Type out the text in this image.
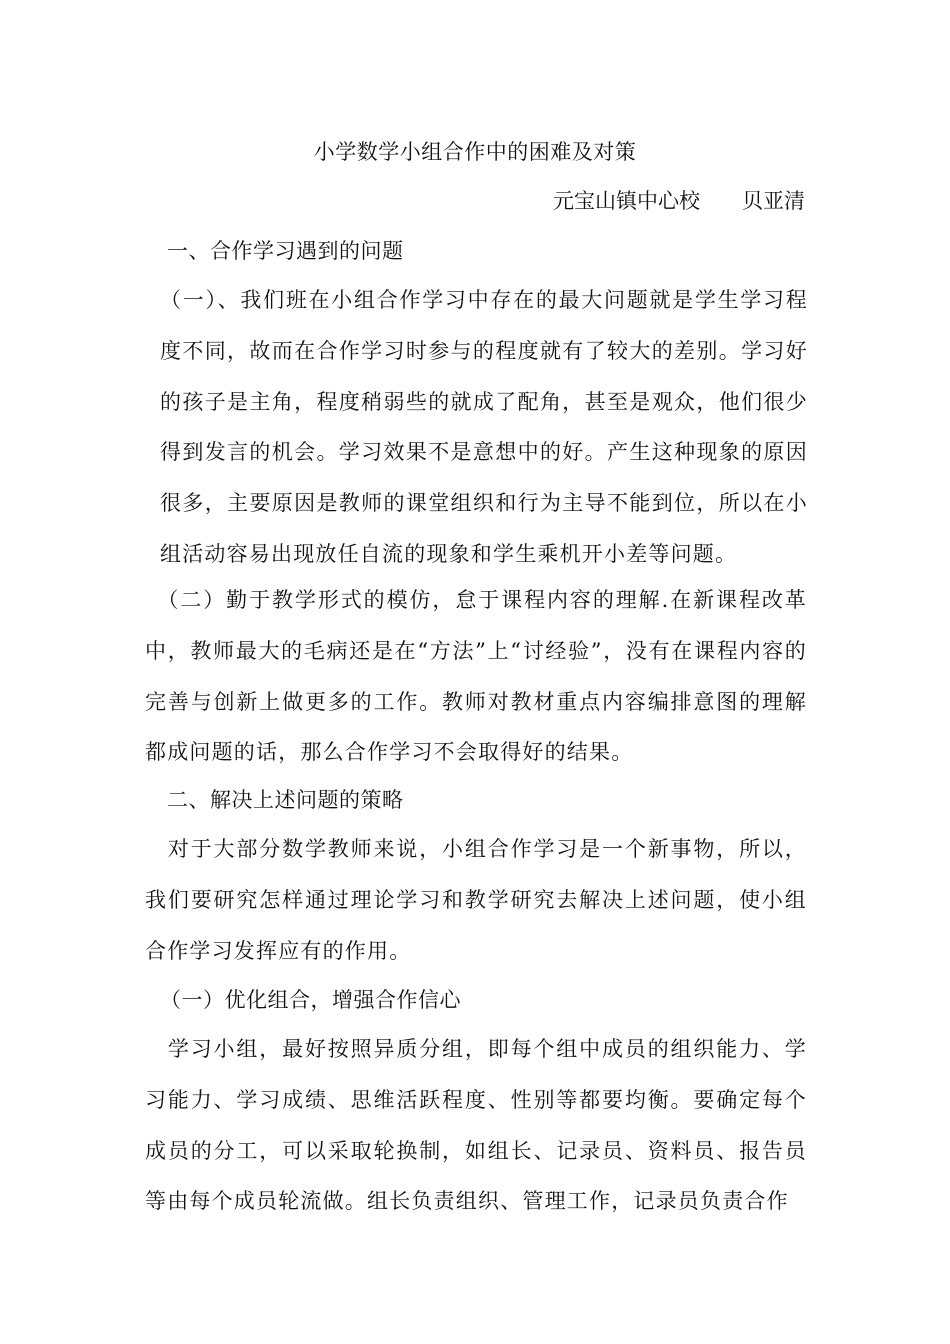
小学数学小组合作中的困难及对策
元宝山镇中心校　　贝亚清
一、合作学习遇到的问题
（一）、我们班在小组合作学习中存在的最大问题就是学生学习程度不同，故而在合作学习时参与的程度就有了较大的差别。学习好的孩子是主角，程度稍弱些的就成了配角，甚至是观众，他们很少得到发言的机会。学习效果不是意想中的好。产生这种现象的原因很多，主要原因是教师的课堂组织和行为主导不能到位，所以在小组活动容易出现放任自流的现象和学生乘机开小差等问题。
　（二）勤于教学形式的模仿，怠于课程内容的理解.在新课程改革中，教师最大的毛病还是在“方法”上“讨经验”，没有在课程内容的完善与创新上做更多的工作。教师对教材重点内容编排意图的理解都成问题的话，那么合作学习不会取得好的结果。
二、解决上述问题的策略
　对于大部分数学教师来说，小组合作学习是一个新事物，所以，我们要研究怎样通过理论学习和教学研究去解决上述问题，使小组合作学习发挥应有的作用。
（一）优化组合，增强合作信心
　学习小组，最好按照异质分组，即每个组中成员的组织能力、学习能力、学习成绩、思维活跃程度、性别等都要均衡。要确定每个成员的分工，可以采取轮换制，如组长、记录员、资料员、报告员等由每个成员轮流做。组长负责组织、管理工作，记录员负责合作
